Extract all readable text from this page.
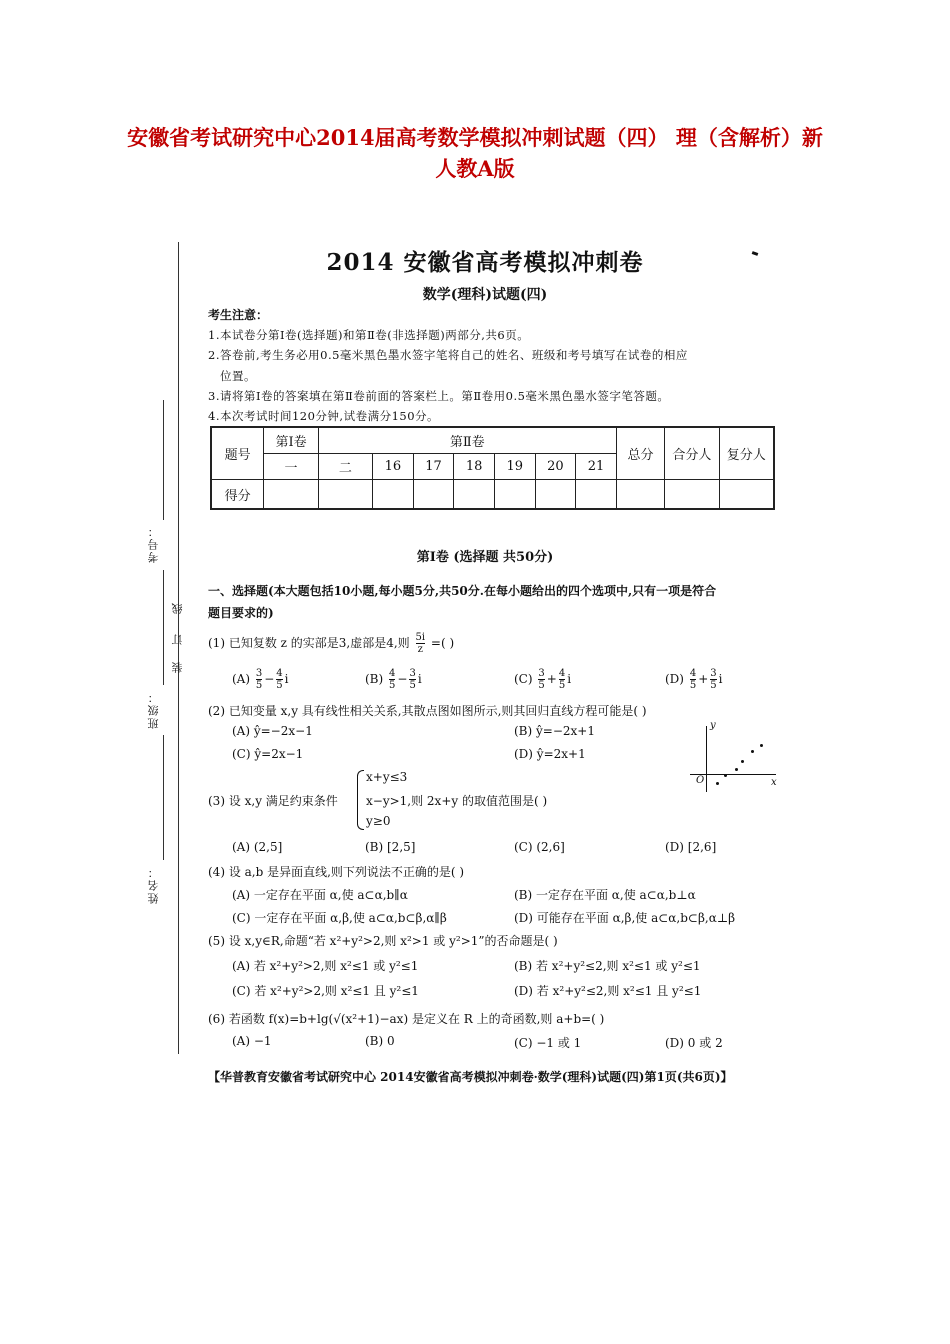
安徽省考试研究中心2014届高考数学模拟冲刺试题（四） 理（含解析）新人教A版
考号：
班级：
姓名：
线
订
装
2014 安徽省高考模拟冲刺卷
数学(理科)试题(四)
考生注意：
1.本试卷分第Ⅰ卷(选择题)和第Ⅱ卷(非选择题)两部分,共6页。
2.答卷前,考生务必用0.5毫米黑色墨水签字笔将自己的姓名、班级和考号填写在试卷的相应
位置。
3.请将第Ⅰ卷的答案填在第Ⅱ卷前面的答案栏上。第Ⅱ卷用0.5毫米黑色墨水签字笔答题。
4.本次考试时间120分钟,试卷满分150分。
题号	第Ⅰ卷	第Ⅱ卷							总分	合分人	复分人
	一	二	16	17	18	19	20	21			
得分											
第Ⅰ卷 (选择题 共50分)
一、选择题(本大题包括10小题,每小题5分,共50分.在每小题给出的四个选项中,只有一项是符合
题目要求的)
(1) 已知复数 z 的实部是3,虚部是4,则 $\frac{5i}{z}$ =( )
$(A) \frac{3}{5} - \frac{4}{5}$ i	$(B) \frac{4}{5} - \frac{3}{5}$ i	$(C) \frac{3}{5} + \frac{4}{5}$ i	$(D) \frac{4}{5} + \frac{3}{5}$ i
(2) 已知变量 x,y 具有线性相关关系,其散点图如图所示,则其回归直线方程可能是( )
(A) ŷ=−2x−1	(B) ŷ=−2x+1
(C) ŷ=2x−1	(D) ŷ=2x+1
y
x
O
(3) 设 x,y 满足约束条件
x+y≤3
x−y>1,则 2x+y 的取值范围是( )
y≥0
(A) (2,5]	(B) [2,5]	(C) (2,6]	(D) [2,6]
(4) 设 a,b 是异面直线,则下列说法不正确的是( )
(A) 一定存在平面 α,使 a⊂α,b∥α	(B) 一定存在平面 α,使 a⊂α,b⊥α
(C) 一定存在平面 α,β,使 a⊂α,b⊂β,α∥β	(D) 可能存在平面 α,β,使 a⊂α,b⊂β,α⊥β
(5) 设 x,y∈R,命题“若 x²+y²>2,则 x²>1 或 y²>1”的否命题是( )
(A) 若 x²+y²>2,则 x²≤1 或 y²≤1	(B) 若 x²+y²≤2,则 x²≤1 或 y²≤1
(C) 若 x²+y²>2,则 x²≤1 且 y²≤1	(D) 若 x²+y²≤2,则 x²≤1 且 y²≤1
(6) 若函数 f(x)=b+lg(√(x²+1)−ax) 是定义在 R 上的奇函数,则 a+b=( )
(A) −1	(B) 0	(C) −1 或 1	(D) 0 或 2
【华普教育安徽省考试研究中心 2014安徽省高考模拟冲刺卷·数学(理科)试题(四)第1页(共6页)】
